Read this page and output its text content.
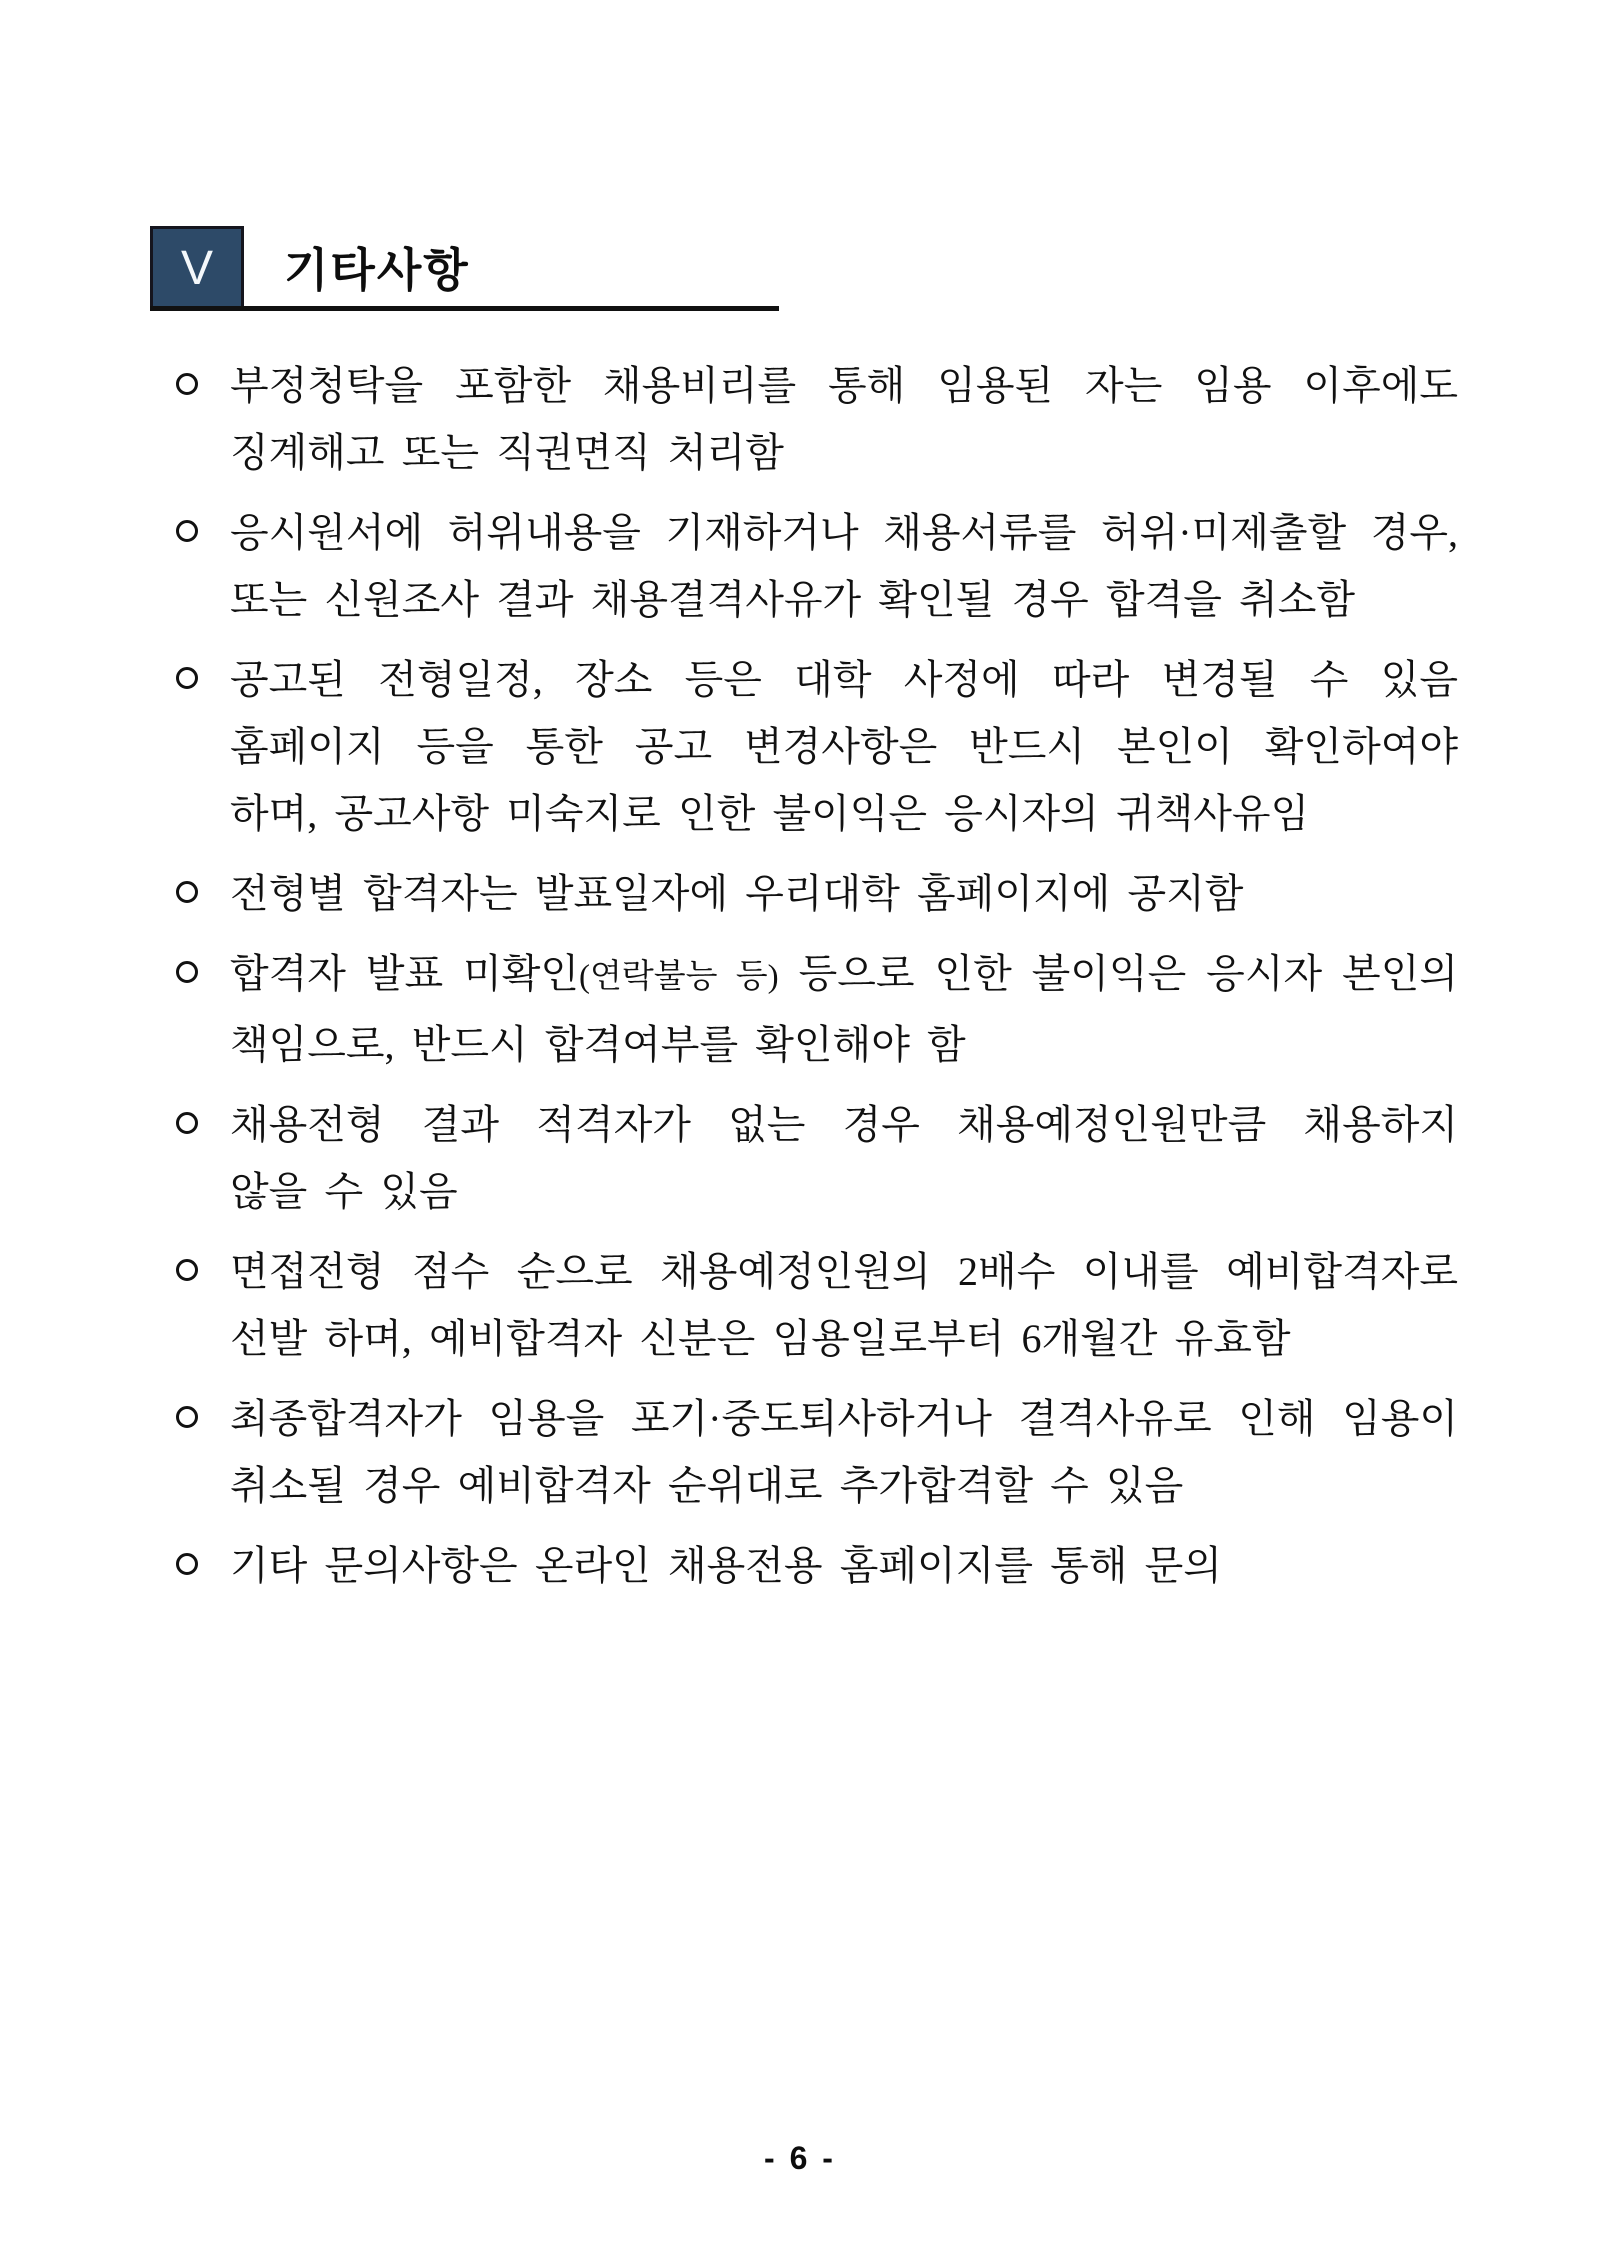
V	기타사항
부정청탁을 포함한 채용비리를 통해 임용된 자는 임용 이후에도
징계해고 또는 직권면직 처리함
응시원서에 허위내용을 기재하거나 채용서류를 허위·미제출할 경우,
또는 신원조사 결과 채용결격사유가 확인될 경우 합격을 취소함
공고된 전형일정, 장소 등은 대학 사정에 따라 변경될 수 있음
홈페이지 등을 통한 공고 변경사항은 반드시 본인이 확인하여야
하며, 공고사항 미숙지로 인한 불이익은 응시자의 귀책사유임
전형별 합격자는 발표일자에 우리대학 홈페이지에 공지함
합격자 발표 미확인(연락불능 등) 등으로 인한 불이익은 응시자 본인의
책임으로, 반드시 합격여부를 확인해야 함
채용전형 결과 적격자가 없는 경우 채용예정인원만큼 채용하지
않을 수 있음
면접전형 점수 순으로 채용예정인원의 2배수 이내를 예비합격자로
선발 하며, 예비합격자 신분은 임용일로부터 6개월간 유효함
최종합격자가 임용을 포기·중도퇴사하거나 결격사유로 인해 임용이
취소될 경우 예비합격자 순위대로 추가합격할 수 있음
기타 문의사항은 온라인 채용전용 홈페이지를 통해 문의
- 6 -
